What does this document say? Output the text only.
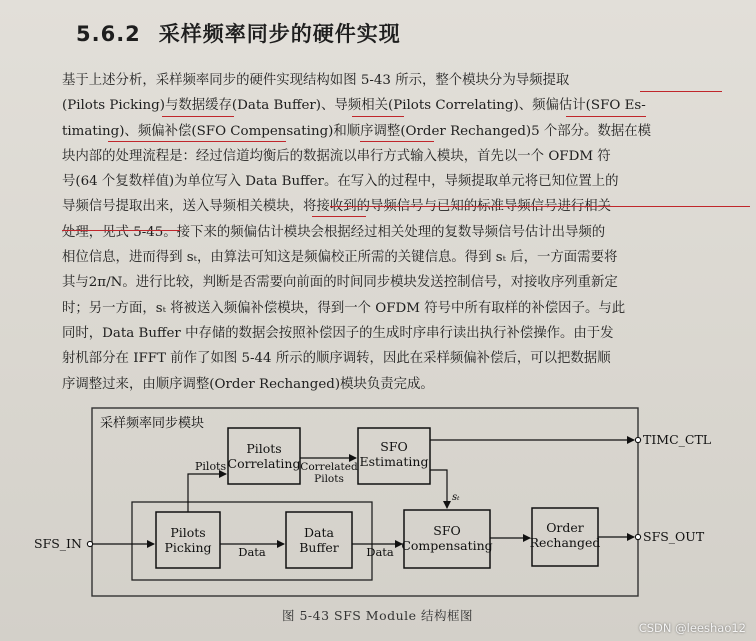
5.6.2 采样频率同步的硬件实现
基于上述分析，采样频率同步的硬件实现结构如图 5-43 所示，整个模块分为导频提取
(Pilots Picking)与数据缓存(Data Buffer)、导频相关(Pilots Correlating)、频偏估计(SFO Es-
timating)、频偏补偿(SFO Compensating)和顺序调整(Order Rechanged)5 个部分。数据在模
块内部的处理流程是：经过信道均衡后的数据流以串行方式输入模块，首先以一个 OFDM 符
号(64 个复数样值)为单位写入 Data Buffer。在写入的过程中，导频提取单元将已知位置上的
导频信号提取出来，送入导频相关模块，将接收到的导频信号与已知的标准导频信号进行相关
处理，见式 5-45。接下来的频偏估计模块会根据经过相关处理的复数导频信号估计出导频的
相位信息，进而得到 sₜ，由算法可知这是频偏校正所需的关键信息。得到 sₜ 后，一方面需要将
其与2π/N。进行比较，判断是否需要向前面的时间同步模块发送控制信号，对接收序列重新定
时；另一方面，sₜ 将被送入频偏补偿模块，得到一个 OFDM 符号中所有取样的补偿因子。与此
同时，Data Buffer 中存储的数据会按照补偿因子的生成时序串行读出执行补偿操作。由于发
射机部分在 IFFT 前作了如图 5-44 所示的顺序调转，因此在采样频偏补偿后，可以把数据顺
序调整过来，由顺序调整(Order Rechanged)模块负责完成。
采样频率同步模块
Pilots
Correlating
SFO
Estimating
Pilots
Picking
Data
Buffer
SFO
Compensating
Order
Rechanged
SFS_IN
Pilots	Correlated
Pilots
TIMC_CTL
sₜ
Data	Data
SFS_OUT
图 5-43 SFS Module 结构框图
CSDN @leeshao12
